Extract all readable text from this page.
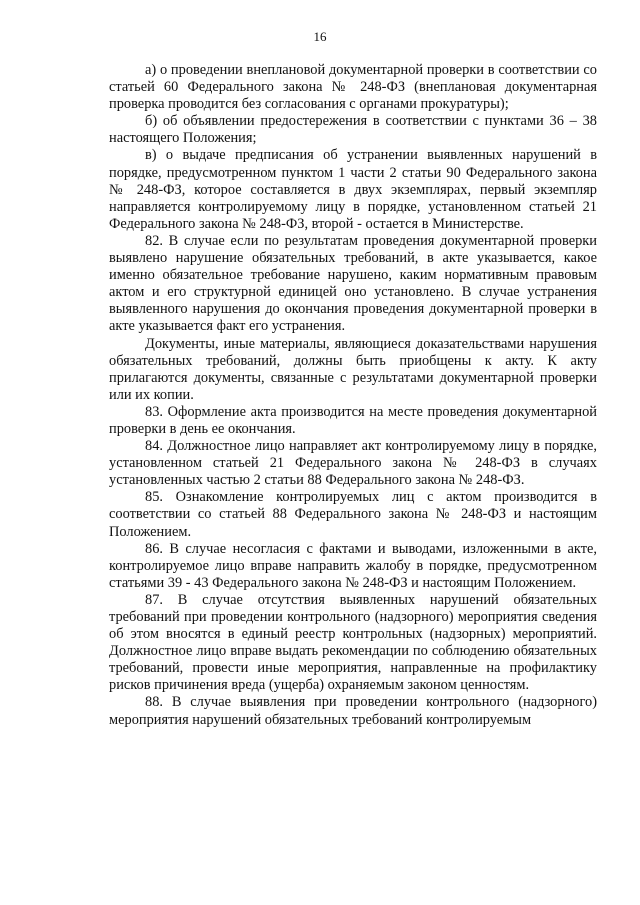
16

а) о проведении внеплановой документарной проверки в соответствии со статьей 60 Федерального закона № 248-ФЗ (внеплановая документарная проверка проводится без согласования с органами прокуратуры);

б) об объявлении предостережения в соответствии с пунктами 36 – 38 настоящего Положения;

в) о выдаче предписания об устранении выявленных нарушений в порядке, предусмотренном пунктом 1 части 2 статьи 90 Федерального закона № 248-ФЗ, которое составляется в двух экземплярах, первый экземпляр направляется контролируемому лицу в порядке, установленном статьей 21 Федерального закона № 248-ФЗ, второй - остается в Министерстве.

82. В случае если по результатам проведения документарной проверки выявлено нарушение обязательных требований, в акте указывается, какое именно обязательное требование нарушено, каким нормативным правовым актом и его структурной единицей оно установлено. В случае устранения выявленного нарушения до окончания проведения документарной проверки в акте указывается факт его устранения.

Документы, иные материалы, являющиеся доказательствами нарушения обязательных требований, должны быть приобщены к акту. К акту прилагаются документы, связанные с результатами документарной проверки или их копии.

83. Оформление акта производится на месте проведения документарной проверки в день ее окончания.

84. Должностное лицо направляет акт контролируемому лицу в порядке, установленном статьей 21 Федерального закона № 248-ФЗ в случаях установленных частью 2 статьи 88 Федерального закона № 248-ФЗ.

85. Ознакомление контролируемых лиц с актом производится в соответствии со статьей 88 Федерального закона № 248-ФЗ и настоящим Положением.

86. В случае несогласия с фактами и выводами, изложенными в акте, контролируемое лицо вправе направить жалобу в порядке, предусмотренном статьями 39 - 43 Федерального закона № 248-ФЗ и настоящим Положением.

87. В случае отсутствия выявленных нарушений обязательных требований при проведении контрольного (надзорного) мероприятия сведения об этом вносятся в единый реестр контрольных (надзорных) мероприятий. Должностное лицо вправе выдать рекомендации по соблюдению обязательных требований, провести иные мероприятия, направленные на профилактику рисков причинения вреда (ущерба) охраняемым законом ценностям.

88. В случае выявления при проведении контрольного (надзорного) мероприятия нарушений обязательных требований контролируемым
